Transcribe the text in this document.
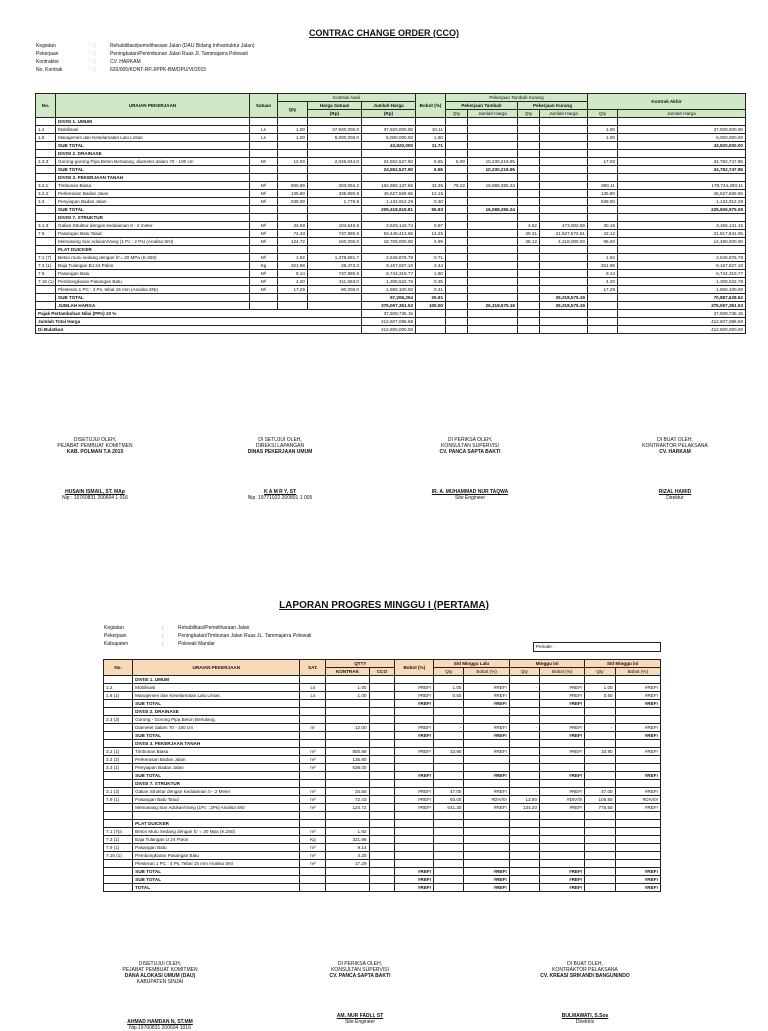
CONTRAC CHANGE ORDER (CCO)
Kegiatan	:	Rehabilitasi/pemeliharaan Jalan (DAU Bidang Infrastruktur Jalan)
Pekerjaan	:	Peningkatan/Penimbunan Jalan Ruas Jl. Tammajarra Polewali
Kontraktor	:	CV. HARKAM
No. Kontrak	:	620/005/KONT-RP.J/PPK-BM/DPU/VI/2015
No.	URAIAN PEKERJAAN	Satuan	Kontrak Awal			Bobot (%)	Pekerjaan Tambah Kurang				Kontrak Akhir	
			Qty	Harga Satuan	Jumlah Harga		Pekerjaan Tambah		Pekerjaan Kurang			
				(Rp)	(Rp)		Qty	Jumlah Harga	Qty	Jumlah Harga	Qty	Jumlah Harga
	DIVISI 1. UMUM											
1.2	Mobilisasi	Ls	1.00	37,920,000.0	37,920,000.00	10.11					1.00	37,920,000.00
1.8	Manajemen dan Keselamatan Lalu Lintas	Ls	1.00	6,000,000.0	6,000,000.00	1.60					1.00	6,000,000.00
	SUB TOTAL				43,920,000	11.71						43,920,000.00
	DIVISI 2. DRAINASE											
2.3.3	Gorong-gorong Pipa Beton Bertulang, diameter dalam 70 - 100 cm	M¹	12.00	2,046,044.0	24,552,527.90	6.55	5.00	10,230,219.95			17.00	34,782,747.85
	SUB TOTAL				24,552,527.90	6.55		10,230,219.95				34,782,747.85
	DIVISI 3. PEKERJAAN TANAH											
3.2.1	Timbunan Biasa	M³	800.89	203,094.2	162,656,137.86	43.36	79.22	16,088,355.24			880.11	178,744,493.11
3.2.2	Perkerasan Badan Jalan	M²	135.80	335,990.9	45,627,569.65	12.16					135.80	45,627,569.65
3.3	Penyiapan Badan Jalan	M²	638.00	1,778.9	1,134,912.29	0.30					638.00	1,134,912.29
	SUB TOTAL				209,418,619.81	55.83		16,088,355.24				225,506,975.05
	DIVISI 7. STRUKTUR											
3.1.3	Galian Struktur dengan kedalaman 0 - 2 meter	M³	34.68	104,646.6	3,629,143.74	0.97			4.52	473,002.59	30.16	3,156,141.15
7.9	Pasangan Batu Talud	M³	72.43	737,890.6	53,445,413.66	14.25			29.31	21,627,572.61	43.12	31,817,841.05
	Memasang Siar Adukan/Voeg (1 Pc : 2 Ps) (Analisa SNI)	M²	124.72	150,000.0	18,708,000.00	4.99			28.12	4,218,000.00	96.60	14,490,000.00
	PLAT DUICKER											
7.1 (7)	Beton mutu sedang dengan fc'= 20 MPa (K-250)	M³	1.92	1,378,581.7	2,646,876.79	0.71					1.92	2,646,876.79
7.3 (1)	Baja Tulangan BJ 24 Polos	Kg	321.98	28,473.3	9,167,827.10	2.44					321.98	9,167,827.10
7.9	Pasangan Batu	M³	9.14	737,890.6	6,744,319.77	1.80					9.14	6,744,319.77
7.15 (1)	Pembongkaran Pasangan Batu	M³	4.20	311,663.0	1,308,522.76	0.35					4.20	1,308,522.76
	Plesteran 1 PC : 4 Ps, tebal 15 mm (Analisa SNI)	M²	17.29	90,000.0	1,556,100.00	0.41					17.29	1,556,100.00
	SUB TOTAL				97,206,204	25.91				26,318,575.19		70,887,628.62
	JUMLAH HARGA				375,097,351.53	100.00		26,318,575.19		26,318,575.19		375,097,351.53
Pajak Pertambahan Nilai (PPn) 10 %					37,509,735.15							37,509,735.15
Jumlah Total Harga					412,607,086.68							412,607,086.68
Di Bulatkan					412,600,000.00							412,600,000.00
DISETUJUI OLEH,
PEJABAT PEMBUAT KOMITMEN
KAB. POLMAN T.A 2015
HUSAIN ISMAIL, ST. MAp
Nip : 19760831 200604 1 016
DI SETUJUI OLEH,
DIREKSI LAPANGAN
DINAS PEKERJAAN UMUM
K A M R Y, ST
Nip. 19771022 200801 1 005
DI PERIKSA OLEH,
KONSULTAN SUPERVISI
CV. PANCA SAPTA BAKTI
IR. A. MUHAMMAD NUR TAQWA
Site Engineer
DI BUAT OLEH,
KONTRAKTOR PELAKSANA
CV. HARKAM
RIZAL HAMID
Direktur
LAPORAN PROGRES MINGGU I (PERTAMA)
Kegiatan	:	Rehabilitasi/Pemeliharaan Jalan
Pekerjaan	:	Peningkatan/Timbunan Jalan Ruas JL. Tammajarra Polewali
Kabupaten	:	Polewali Mandar	Periode :
No.	URAIAN PEKERJAAN	SAT.	QTTY		Bobot (%)	S/d Minggu Lalu		Minggu ini		S/d Minggu ini	
			KONTRAK	CCO		Qty	Bobot (%)	Qty	Bobot (%)	Qty	Bobot (%)
	DIVISI 1. UMUM										
1.2	Mobilisasi	Ls	1.00		#REF!	1.00	#REF!	-	#REF!	1.00	#REF!
1.8 (1)	Manajemen dan Keselamatan Lalu Lintas	Ls	1.00		#REF!	0.50	#REF!		#REF!	0.50	#REF!
	SUB TOTAL				#REF!		#REF!		#REF!		#REF!
	DIVISI 2. DRAINASE										
2.3 (3)	Gorong - Gorong Pipa Beton Bertulang,										
	Diameter dalam 70 - 100 cm	m'	12.00		#REF!	-	#REF!	-	#REF!	-	#REF!
	SUB TOTAL				#REF!		#REF!		#REF!		#REF!
	DIVISI 3. PEKERJAAN TANAH										
3.2 (1)	Timbunan Biasa	m³	800.89		#REF!	33.90	#REF!		#REF!	33.90	#REF!
3.2 (2)	Perkerasan Badan Jalan	m²	135.80								
3.3 (1)	Penyiapan Badan Jalan	m²	638.00								
	SUB TOTAL				#REF!		#REF!		#REF!		#REF!
	DIVISI 7. STRUKTUR										
3.1 (3)	Galian Struktur dengan Kedalaman 0 - 2 Meter	m³	34.68		#REF!	47.00	#REF!	-	#REF!	47.00	#REF!
7.9 (1)	Pasangan Batu Talud	m³	72.43		#REF!	93.00	#DIV/0!	12.80	#DIV/0!	105.80	#DIV/0!
	Memasang Siar Adukan/Voeg (1Pc : 2Ps) Analisa SNI	m²	124.72		#REF!	641.30	#REF!	134.20	#REF!	775.50	#REF!

	PLAT DUICKER										
7.1 (7)a	Beton Mutu Sedang dengan fc' = 20 Mpa (K.250)	m³	1.92								
7.3 (1)	Baja Tulangan U 24 Polos	Kg	321.98								
7.9 (1)	Pasangan Batu	m³	9.14								
7.15 (1)	Pembongkaran Pasangan Batu	m³	4.20								
	Plesteran 1 PC : 4 Ps, Tebal 15 mm Analisa SNI	m²	17.29								
	SUB TOTAL				#REF!		#REF!		#REF!		#REF!
	SUB TOTAL				#REF!		#REF!		#REF!		#REF!
	TOTAL				#REF!		#REF!		#REF!		#REF!
DISETUJUI OLEH,
PEJABAT PEMBUAT KOMITMEN
DANA ALOKASI UMUM (DAU)
KABUPATEN SINJAI
AHMAD HAMDAN N, ST.MM
Nip.19760831 200604 1016
DI PERIKSA OLEH,
KONSULTAN SUPERVISI
CV. PANCA SAPTA BAKTI
AM. NUR FADLI, ST
Site Engineer
DI BUAT OLEH,
KONTRAKTOR PELAKSANA
CV. KREASI SRIKANDI BANGUNINDO
BULMAWATI, S.Sos
Direktris
